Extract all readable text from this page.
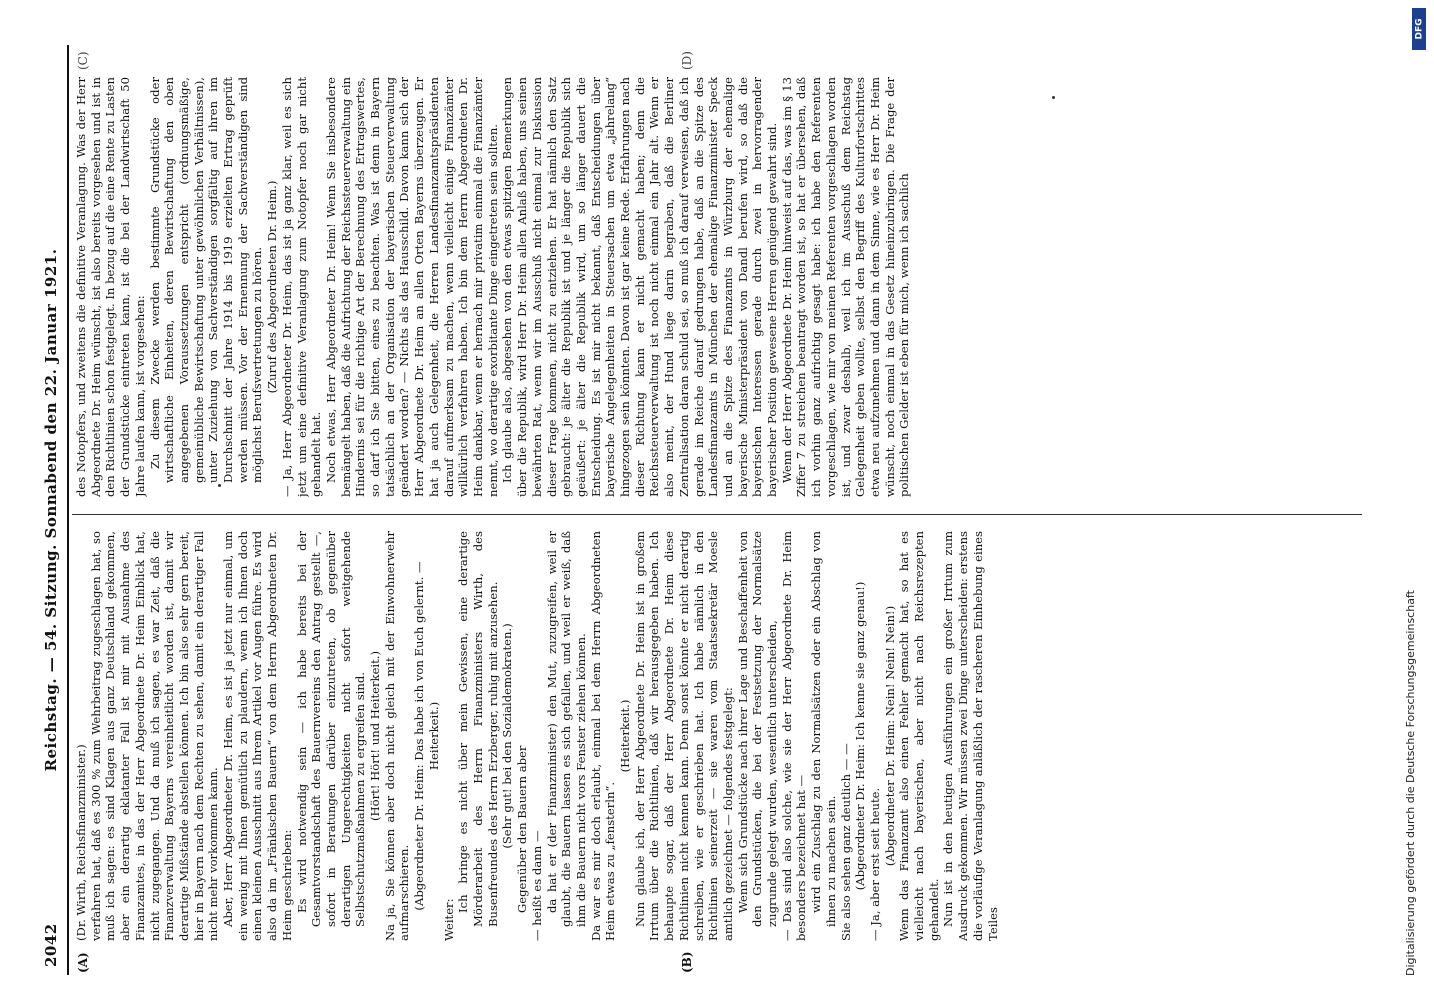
2042
Reichstag. — 54. Sitzung. Sonnabend den 22. Januar 1921.
(A)	(B)
(C)	(D)

(Dr. Wirth, Reichsfinanzminister.) verfahren hat, daß es 300 % zum Wehrbeitrag zugeschlagen hat, so muß ich sagen: es sind Klagen aus ganz Deutschland gekommen, aber ein derartig eklatanter Fall ist mir mit Ausnahme des Finanzamtes, in das der Herr Abgeordnete Dr. Heim Einblick hat, nicht zugegangen. Und da muß ich sagen, es war Zeit, daß die Finanzverwaltung Bayerns vereinheitlicht worden ist, damit wir derartige Mißstände abstellen können. Ich bin also sehr gern bereit, hier in Bayern nach dem Rechten zu sehen, damit ein derartiger Fall nicht mehr vorkommen kann. Aber, Herr Abgeordneter Dr. Heim, es ist ja jetzt nur einmal, um ein wenig mit Ihnen gemütlich zu plaudern, wenn ich Ihnen doch einen kleinen Ausschnitt aus Ihrem Artikel vor Augen führe. Es wird also da im „Fränkischen Bauern“ von dem Herrn Abgeordneten Dr. Heim geschrieben: Es wird notwendig sein — ich habe bereits bei der Gesamtvorstandschaft des Bauernvereins den Antrag gestellt —, sofort in Beratungen darüber einzutreten, ob gegenüber derartigen Ungerechtigkeiten nicht sofort weitgehende Selbstschutzmaßnahmen zu ergreifen sind. (Hört! Hört! und Heiterkeit.) Na ja, Sie können aber doch nicht gleich mit der Einwohnerwehr aufmarschieren. (Abgeordneter Dr. Heim: Das habe ich von Euch gelernt. — Heiterkeit.)

Weiter:

Ich bringe es nicht über mein Gewissen, eine derartige Mörderarbeit des Herrn Finanzministers Wirth, des Busenfreundes des Herrn Erzberger, ruhig mit anzusehen. (Sehr gut! bei den Sozialdemokraten.) Gegenüber den Bauern aber — heißt es dann — da hat er (der Finanzminister) den Mut, zuzugreifen, weil er glaubt, die Bauern lassen es sich gefallen, und weil er weiß, daß ihm die Bauern nicht vors Fenster ziehen können. Da war es mir doch erlaubt, einmal bei dem Herrn Abgeordneten Heim etwas zu „fensterln“.

(Heiterkeit.) Nun glaube ich, der Herr Abgeordnete Dr. Heim ist in großem Irrtum über die Richtlinien, daß wir herausgegeben haben. Ich behaupte sogar, daß der Herr Abgeordnete Dr. Heim diese Richtlinien nicht kennen kann. Denn sonst könnte er nicht derartig schreiben, wie er geschrieben hat. Ich habe nämlich in den Richtlinien seinerzeit — sie waren vom Staatssekretär Moesle amtlich gezeichnet — folgendes festgelegt: Wenn sich Grundstücke nach ihrer Lage und Beschaffenheit von den Grundstücken, die bei der Festsetzung der Normalsätze zugrunde gelegt wurden, wesentlich unterscheiden, — Das sind also solche, wie sie der Herr Abgeordnete Dr. Heim besonders bezeichnet hat — wird ein Zuschlag zu den Normalsätzen oder ein Abschlag von ihnen zu machen sein. Sie also sehen ganz deutlich — — (Abgeordneter Dr. Heim: Ich kenne sie ganz genau!) — Ja, aber erst seit heute. (Abgeordneter Dr. Heim: Nein! Nein! Nein!) Wenn das Finanzamt also einen Fehler gemacht hat, so hat es vielleicht nach bayerischen, aber nicht nach Reichsrezepten gehandelt. Nun ist in den heutigen Ausführungen ein großer Irrtum zum Ausdruck gekommen. Wir müssen zwei Dinge unterscheiden: erstens die vorläufige Veranlagung anläßlich der rascheren Einhebung eines Teiles

des Notopfers, und zweitens die definitive Veranlagung. Was der Herr Abgeordnete Dr. Heim wünscht, ist also bereits vorgesehen und ist in den Richtlinien schon festgelegt. In bezug auf die eine Rente zu Lasten der Grundstücke eintreten kann, ist die bei der Landwirtschaft 50 Jahre laufen kann, ist vorgesehen: Zu diesem Zwecke werden bestimmte Grundstücke oder wirtschaftliche Einheiten, deren Bewirtschaftung den oben angegebenen Voraussetzungen entspricht (ordnungsmäßige, gemeinübliche Bewirtschaftung unter gewöhnlichen Verhältnissen), unter Zuziehung von Sachverständigen sorgfältig auf ihren im Durchschnitt der Jahre 1914 bis 1919 erzielten Ertrag geprüft werden müssen. Vor der Ernennung der Sachverständigen sind möglichst Berufsvertretungen zu hören. (Zuruf des Abgeordneten Dr. Heim.) — Ja, Herr Abgeordneter Dr. Heim, das ist ja ganz klar, weil es sich jetzt um eine definitive Veranlagung zum Notopfer noch gar nicht gehandelt hat. Noch etwas, Herr Abgeordneter Dr. Heim! Wenn Sie insbesondere bemängelt haben, daß die Aufrichtung der Reichssteuerverwaltung ein Hindernis sei für die richtige Art der Berechnung des Ertragswertes, so darf ich Sie bitten, eines zu beachten. Was ist denn in Bayern tatsächlich an der Organisation der bayerischen Steuerverwaltung geändert worden? — Nichts als das Hausschild. Davon kann sich der Herr Abgeordnete Dr. Heim an allen Orten Bayerns überzeugen. Er hat ja auch Gelegenheit, die Herren Landesfinanzamtspräsidenten darauf aufmerksam zu machen, wenn vielleicht einige Finanzämter willkürlich verfahren haben. Ich bin dem Herrn Abgeordneten Dr. Heim dankbar, wenn er hernach mir privatim einmal die Finanzämter nennt, wo derartige exorbitante Dinge eingetreten sein sollten. Ich glaube also, abgesehen von den etwas spitzigen Bemerkungen über die Republik, wird Herr Dr. Heim allen Anlaß haben, uns seinen bewährten Rat, wenn wir im Ausschuß nicht einmal zur Diskussion dieser Frage kommen, nicht zu entziehen. Er hat nämlich den Satz gebraucht: je älter die Republik ist und je länger die Republik sich geäußert: je älter die Republik wird, um so länger dauert die Entscheidung. Es ist mir nicht bekannt, daß Entscheidungen über bayerische Angelegenheiten in Steuersachen um etwa „jahrelang“ hingezogen sein könnten. Davon ist gar keine Rede. Erfahrungen nach dieser Richtung kann er nicht gemacht haben; denn die Reichssteuerverwaltung ist noch nicht einmal ein Jahr alt. Wenn er also meint, der Hund liege darin begraben, daß die Berliner Zentralisation daran schuld sei, so muß ich darauf verweisen, daß ich gerade im Reiche darauf gedrungen habe, daß an die Spitze des Landesfinanzamts in München der ehemalige Finanzminister Speck und an die Spitze des Finanzamts in Würzburg der ehemalige bayerische Ministerpräsident von Dandl berufen wird, so daß die bayerischen Interessen gerade durch zwei in hervorragender bayerischer Position gewesene Herren genügend gewahrt sind. Wenn der Herr Abgeordnete Dr. Heim hinweist auf das, was im § 13 Ziffer 7 zu streichen beantragt worden ist, so hat er übersehen, daß ich vorhin ganz aufrichtig gesagt habe: ich habe den Referenten vorgeschlagen, wie mir von meinen Referenten vorgeschlagen worden ist, und zwar deshalb, weil ich im Ausschuß dem Reichstag Gelegenheit geben wollte, selbst den Begriff des Kulturfortschrittes etwa neu aufzunehmen und dann in dem Sinne, wie es Herr Dr. Heim wünscht, noch einmal in das Gesetz hineinzubringen. Die Frage der politischen Gelder ist eben für mich, wenn ich sachlich

DFG
Digitalisierung gefördert durch die Deutsche Forschungsgemeinschaft
